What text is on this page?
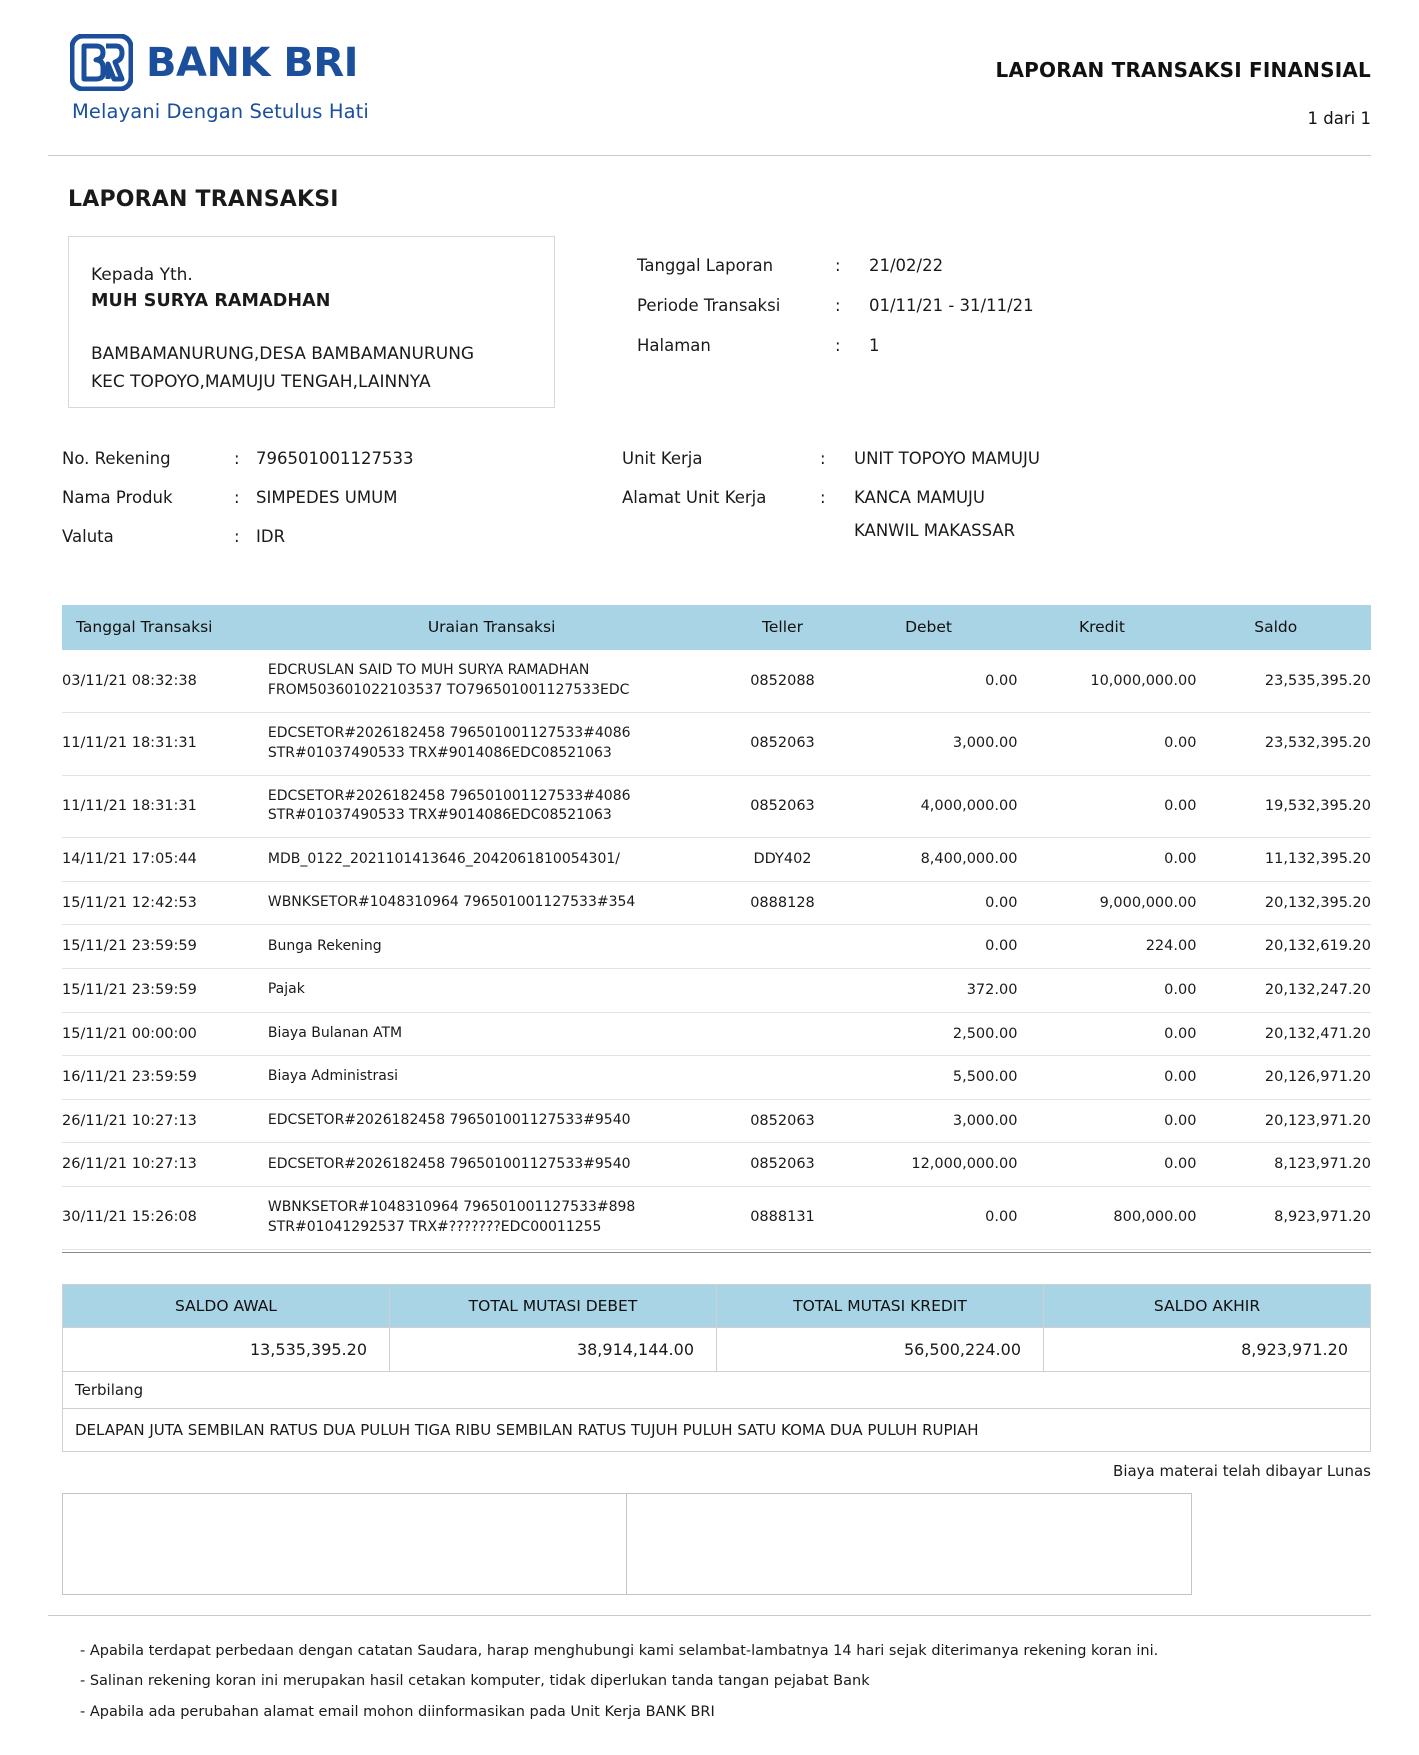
BANK BRI
Melayani Dengan Setulus Hati
LAPORAN TRANSAKSI FINANSIAL
1 dari 1
LAPORAN TRANSAKSI
Kepada Yth.
MUH SURYA RAMADHAN
BAMBAMANURUNG,DESA BAMBAMANURUNG
KEC TOPOYO,MAMUJU TENGAH,LAINNYA
Tanggal Laporan	:	21/02/22
Periode Transaksi	:	01/11/21 - 31/11/21
Halaman	:	1
No. Rekening	: 796501001127533
Nama Produk	: SIMPEDES UMUM
Valuta	: IDR
Unit Kerja	:	UNIT TOPOYO MAMUJU
Alamat Unit Kerja	:	KANCA MAMUJU
KANWIL MAKASSAR
Tanggal Transaksi	Uraian Transaksi	Teller	Debet	Kredit	Saldo
03/11/21 08:32:38	EDCRUSLAN SAID TO MUH SURYA RAMADHAN
FROM503601022103537 TO796501001127533EDC	0852088	0.00	10,000,000.00	23,535,395.20
11/11/21 18:31:31	EDCSETOR#2026182458 796501001127533#4086
STR#01037490533 TRX#9014086EDC08521063	0852063	3,000.00	0.00	23,532,395.20
11/11/21 18:31:31	EDCSETOR#2026182458 796501001127533#4086
STR#01037490533 TRX#9014086EDC08521063	0852063	4,000,000.00	0.00	19,532,395.20
14/11/21 17:05:44	MDB_0122_2021101413646_2042061810054301/	DDY402	8,400,000.00	0.00	11,132,395.20
15/11/21 12:42:53	WBNKSETOR#1048310964 796501001127533#354	0888128	0.00	9,000,000.00	20,132,395.20
15/11/21 23:59:59	Bunga Rekening		0.00	224.00	20,132,619.20
15/11/21 23:59:59	Pajak		372.00	0.00	20,132,247.20
15/11/21 00:00:00	Biaya Bulanan ATM		2,500.00	0.00	20,132,471.20
16/11/21 23:59:59	Biaya Administrasi		5,500.00	0.00	20,126,971.20
26/11/21 10:27:13	EDCSETOR#2026182458 796501001127533#9540	0852063	3,000.00	0.00	20,123,971.20
26/11/21 10:27:13	EDCSETOR#2026182458 796501001127533#9540	0852063	12,000,000.00	0.00	8,123,971.20
30/11/21 15:26:08	WBNKSETOR#1048310964 796501001127533#898
STR#01041292537 TRX#???????EDC00011255	0888131	0.00	800,000.00	8,923,971.20
SALDO AWAL	TOTAL MUTASI DEBET	TOTAL MUTASI KREDIT	SALDO AKHIR
13,535,395.20	38,914,144.00	56,500,224.00	8,923,971.20
Terbilang			
DELAPAN JUTA SEMBILAN RATUS DUA PULUH TIGA RIBU SEMBILAN RATUS TUJUH PULUH SATU KOMA DUA PULUH RUPIAH			
Biaya materai telah dibayar Lunas
- Apabila terdapat perbedaan dengan catatan Saudara, harap menghubungi kami selambat-lambatnya 14 hari sejak diterimanya rekening koran ini.
- Salinan rekening koran ini merupakan hasil cetakan komputer, tidak diperlukan tanda tangan pejabat Bank
- Apabila ada perubahan alamat email mohon diinformasikan pada Unit Kerja BANK BRI
